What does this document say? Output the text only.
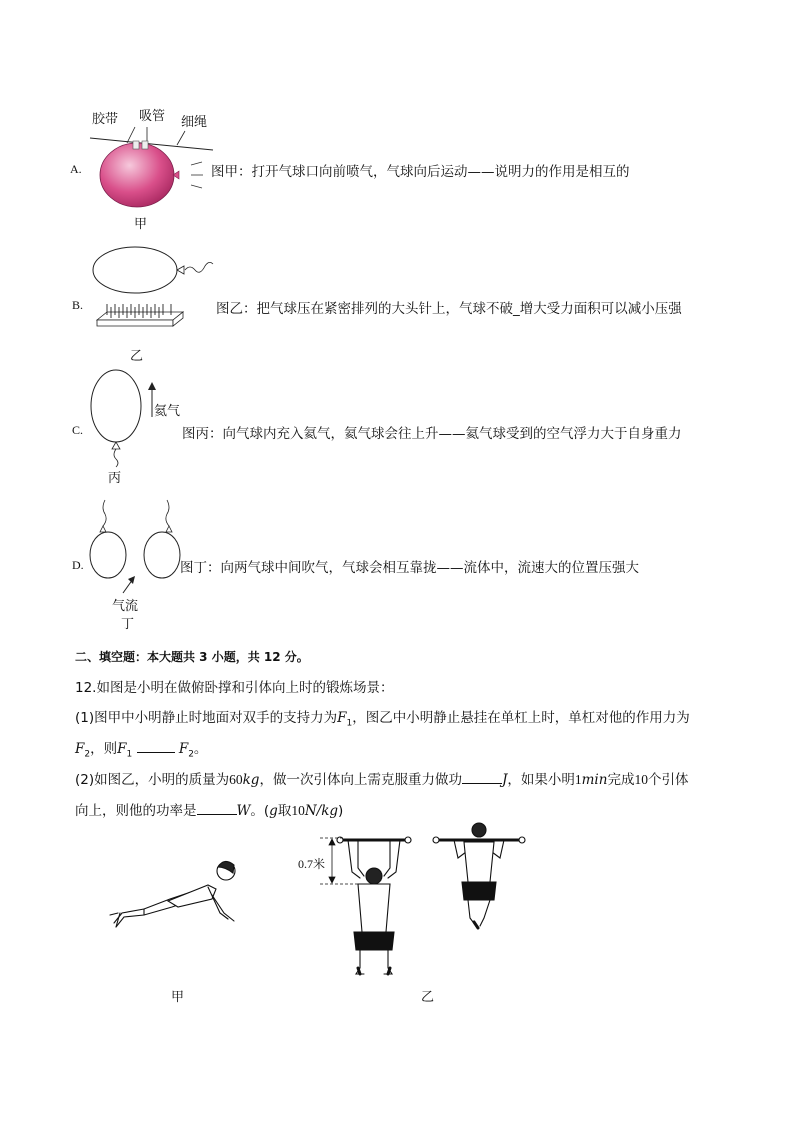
A.
胶带 吸管 细绳
甲
图甲：打开气球口向前喷气，气球向后运动——说明力的作用是相互的
B.
乙
图乙：把气球压在紧密排列的大头针上，气球不破_增大受力面积可以减小压强
C.
氦气
丙
图丙：向气球内充入氦气，氦气球会往上升——氦气球受到的空气浮力大于自身重力
D.
气流
丁
图丁：向两气球中间吹气，气球会相互靠拢——流体中，流速大的位置压强大
二、填空题：本大题共 3 小题，共 12 分。
12.如图是小明在做俯卧撑和引体向上时的锻炼场景：
(1)图甲中小明静止时地面对双手的支持力为$F_1$，图乙中小明静止悬挂在单杠上时，单杠对他的作用力为
$F_2$，则$F_1$	$F_2$。
(2)如图乙，小明的质量为60kg，做一次引体向上需克服重力做功	J，如果小明1min完成10个引体
向上，则他的功率是	W。(g取10N/kg)
甲
0.7米
乙
